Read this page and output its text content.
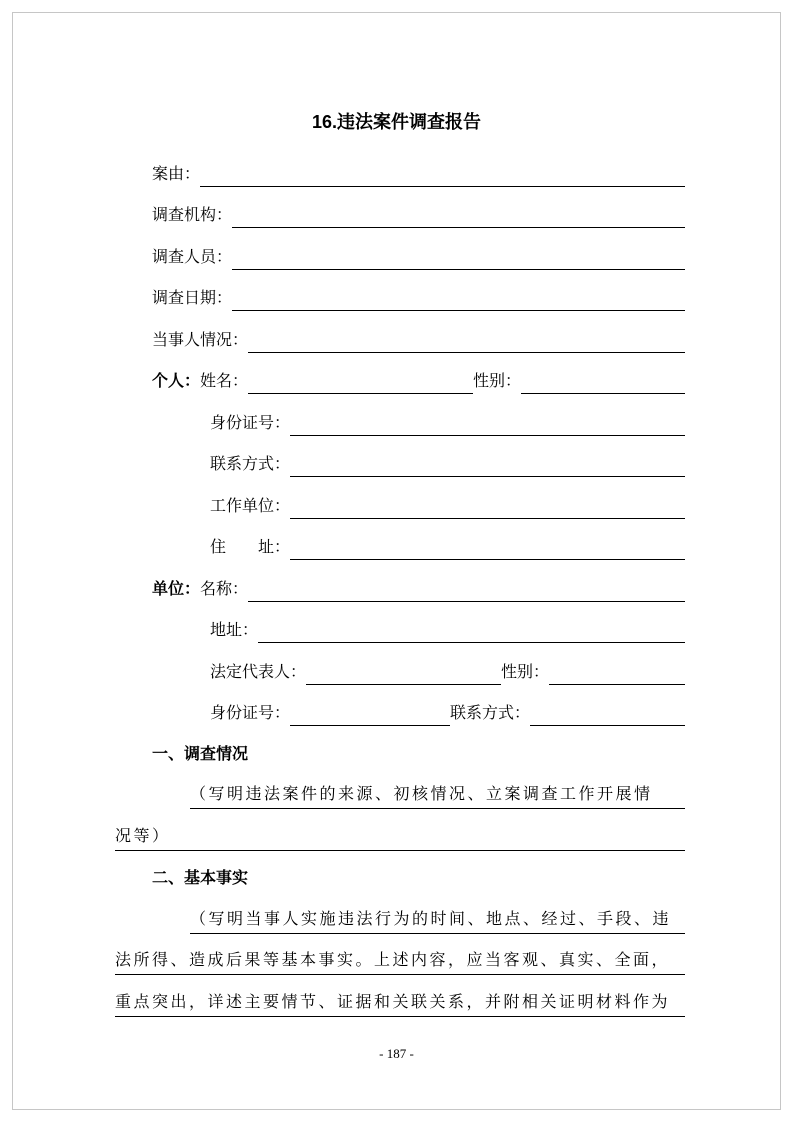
16.违法案件调查报告
案由：
调查机构：
调查人员：
调查日期：
当事人情况：
个人： 姓名：	性别：
身份证号：
联系方式：
工作单位：
住　　址：
单位： 名称：
地址：
法定代表人：	性别：
身份证号：	联系方式：
一、调查情况
（写明违法案件的来源、初核情况、立案调查工作开展情
况等）
二、基本事实
（写明当事人实施违法行为的时间、地点、经过、手段、违
法所得、造成后果等基本事实。上述内容，应当客观、真实、全面，
重点突出，详述主要情节、证据和关联关系，并附相关证明材料作为
- 187 -
